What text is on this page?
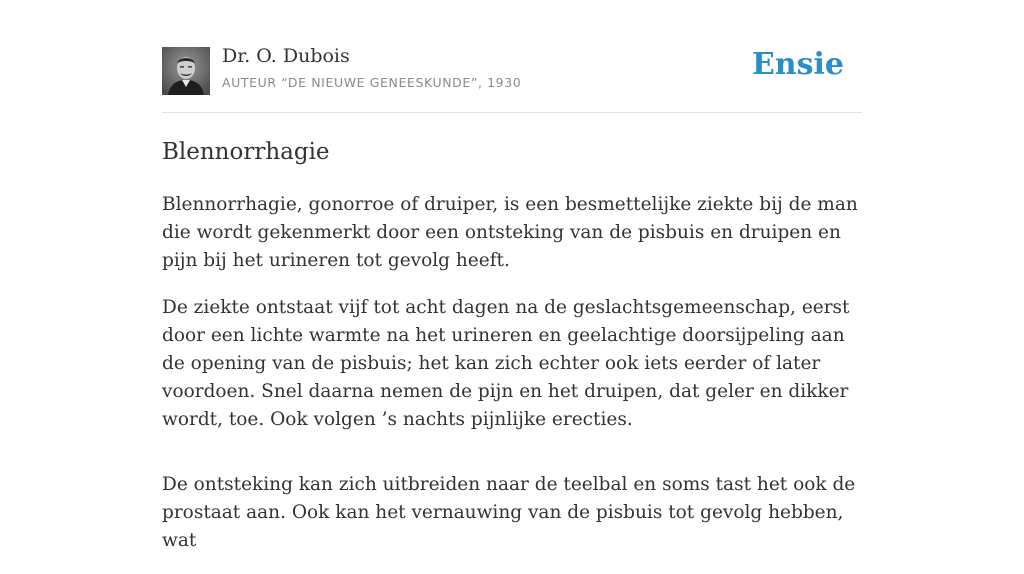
Dr. O. Dubois
AUTEUR “DE NIEUWE GENEESKUNDE”, 1930
Ensie
Blennorrhagie

Blennorrhagie, gonorroe of druiper, is een besmettelijke ziekte bij de man die wordt gekenmerkt door een ontsteking van de pisbuis en druipen en pijn bij het urineren tot gevolg heeft.

De ziekte ontstaat vijf tot acht dagen na de geslachtsgemeenschap, eerst door een lichte warmte na het urineren en geelachtige doorsijpeling aan de opening van de pisbuis; het kan zich echter ook iets eerder of later voordoen. Snel daarna nemen de pijn en het druipen, dat geler en dikker wordt, toe. Ook volgen ’s nachts pijnlijke erecties.

De ontsteking kan zich uitbreiden naar de teelbal en soms tast het ook de prostaat aan. Ook kan het vernauwing van de pisbuis tot gevolg hebben, wat
